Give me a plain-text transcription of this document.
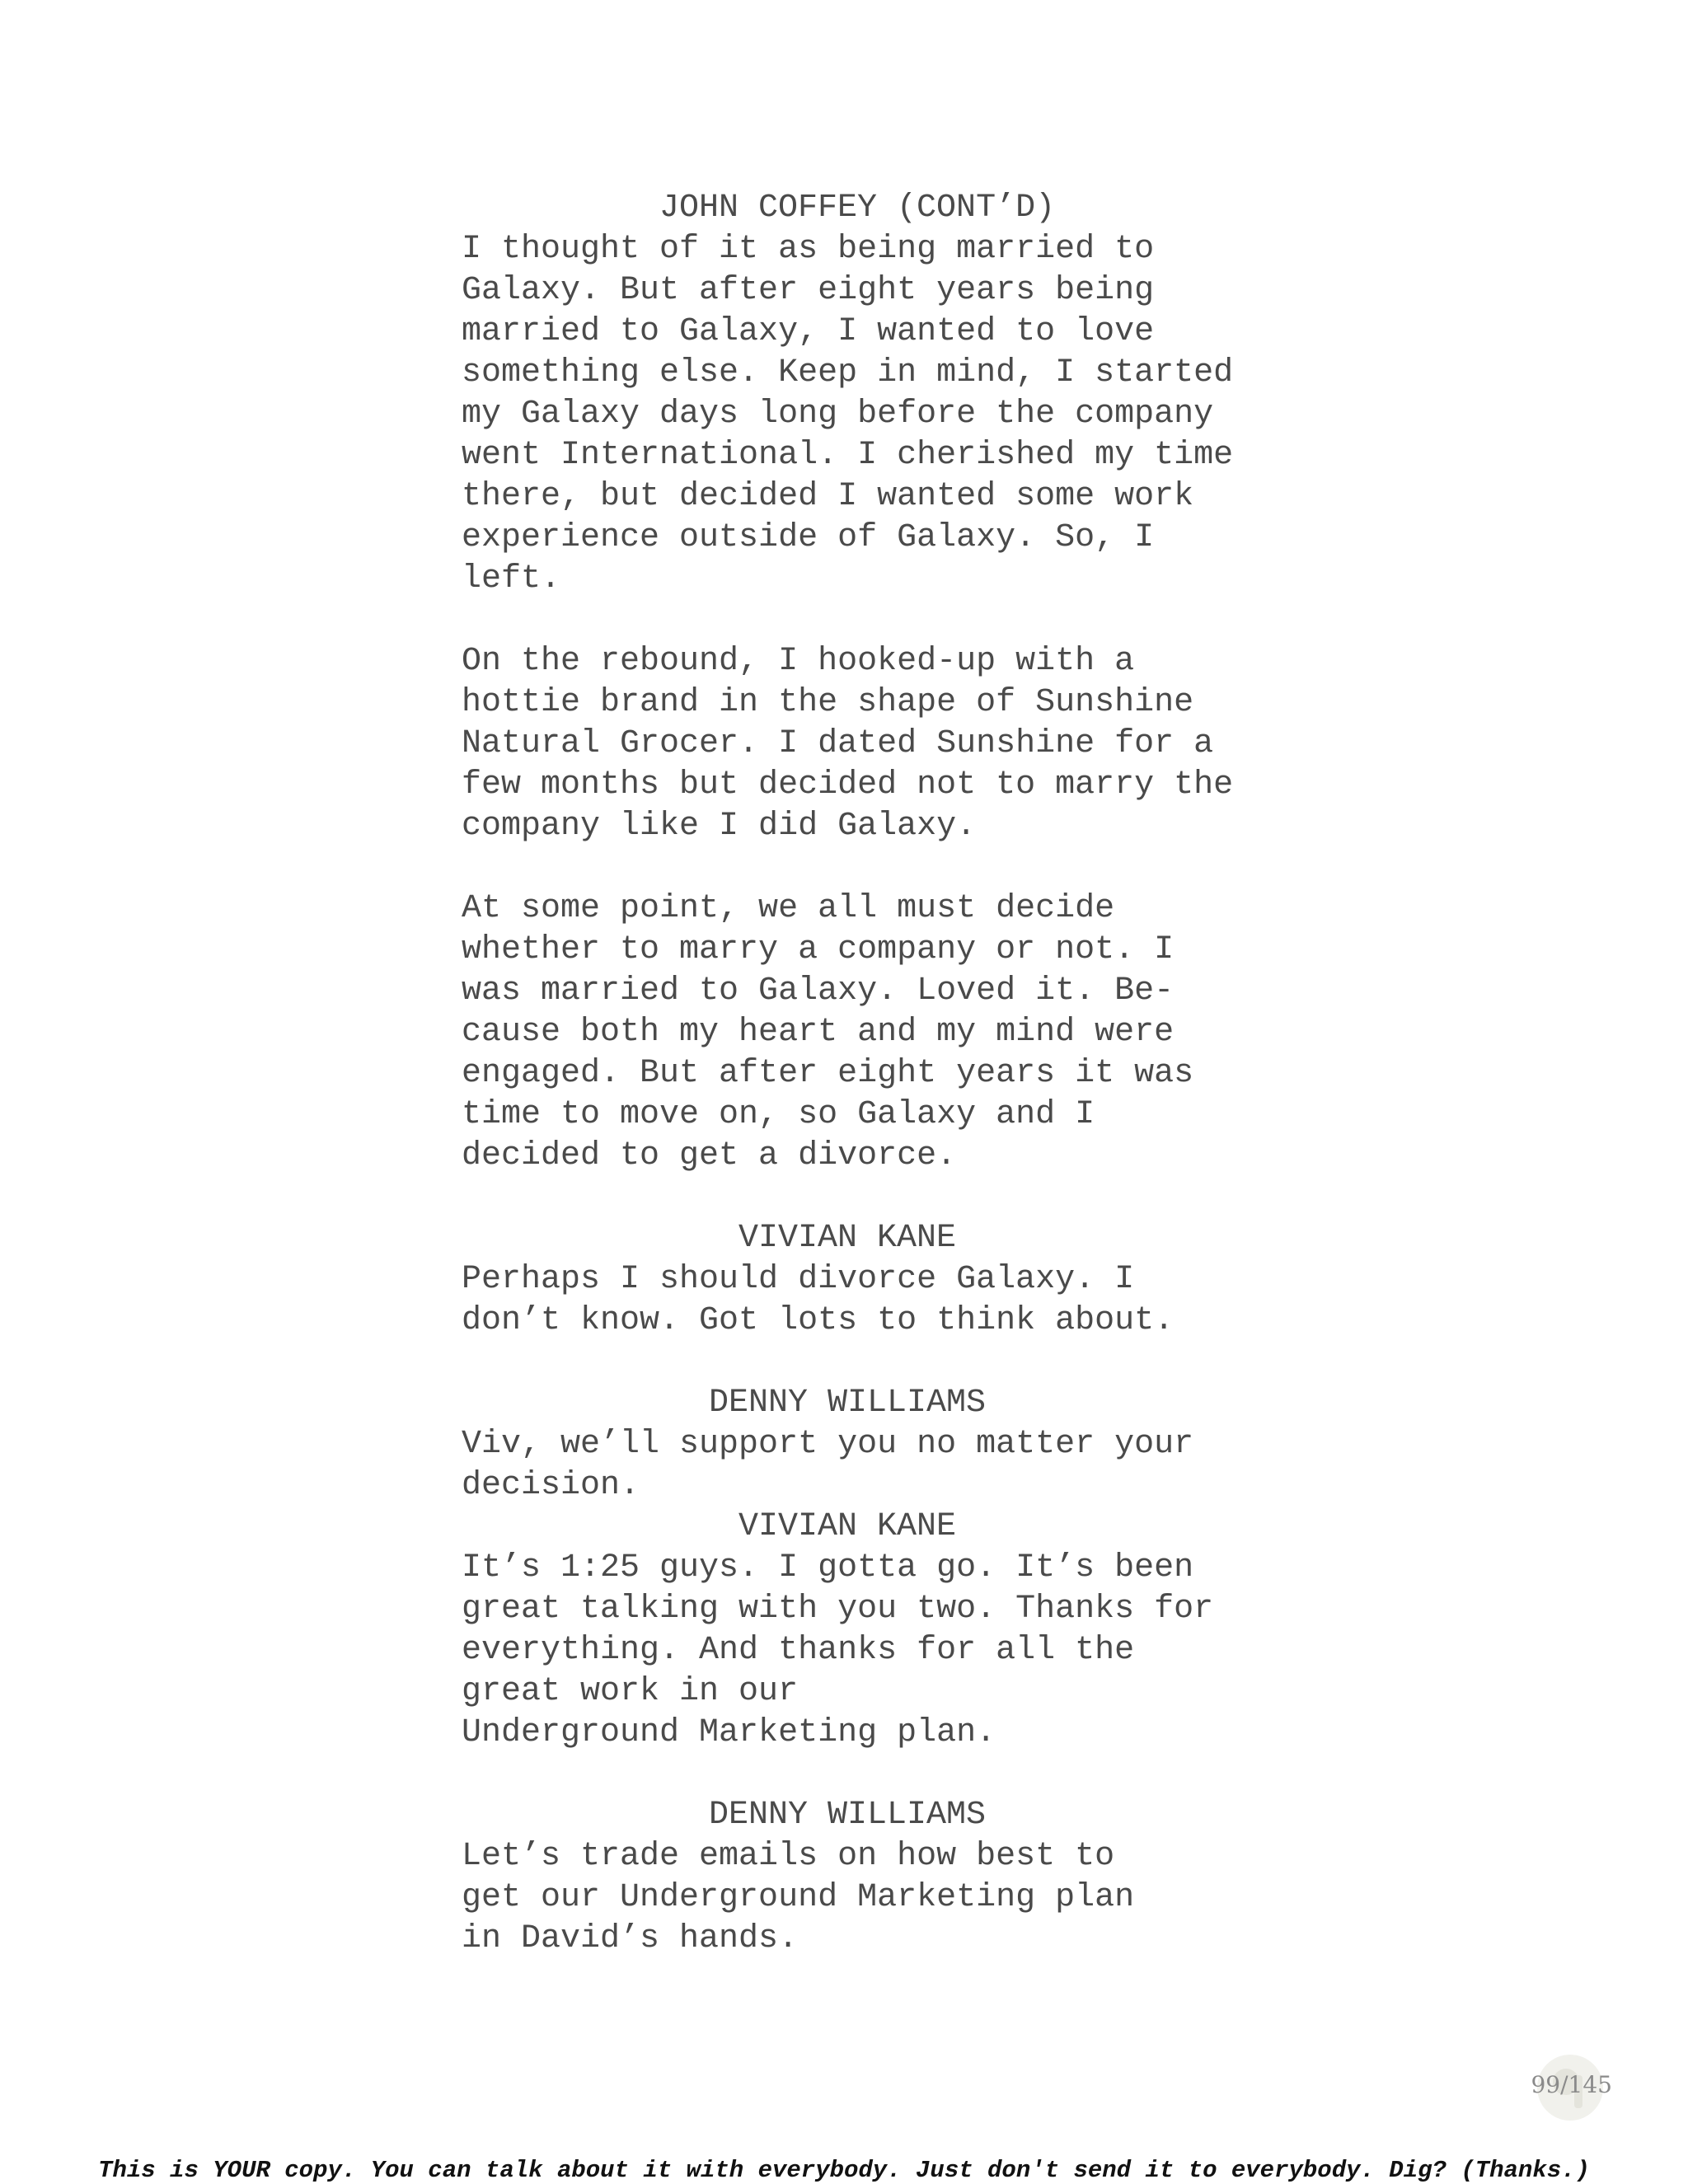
JOHN COFFEY (CONT’D)

I thought of it as being married to

Galaxy. But after eight years being

married to Galaxy, I wanted to love

something else. Keep in mind, I started

my Galaxy days long before the company

went International. I cherished my time

there, but decided I wanted some work

experience outside of Galaxy. So, I

left.

On the rebound, I hooked-up with a

hottie brand in the shape of Sunshine

Natural Grocer. I dated Sunshine for a

few months but decided not to marry the

company like I did Galaxy.

At some point, we all must decide

whether to marry a company or not. I

was married to Galaxy. Loved it. Be-

cause both my heart and my mind were

engaged. But after eight years it was

time to move on, so Galaxy and I

decided to get a divorce.

VIVIAN KANE

Perhaps I should divorce Galaxy. I

don’t know. Got lots to think about.

DENNY WILLIAMS

Viv, we’ll support you no matter your

decision.

VIVIAN KANE

It’s 1:25 guys. I gotta go. It’s been

great talking with you two. Thanks for

everything. And thanks for all the

great work in our

Underground Marketing plan.

DENNY WILLIAMS

Let’s trade emails on how best to

get our Underground Marketing plan

in David’s hands.

99/145
This is YOUR copy. You can talk about it with everybody. Just don't send it to everybody. Dig? (Thanks.)
